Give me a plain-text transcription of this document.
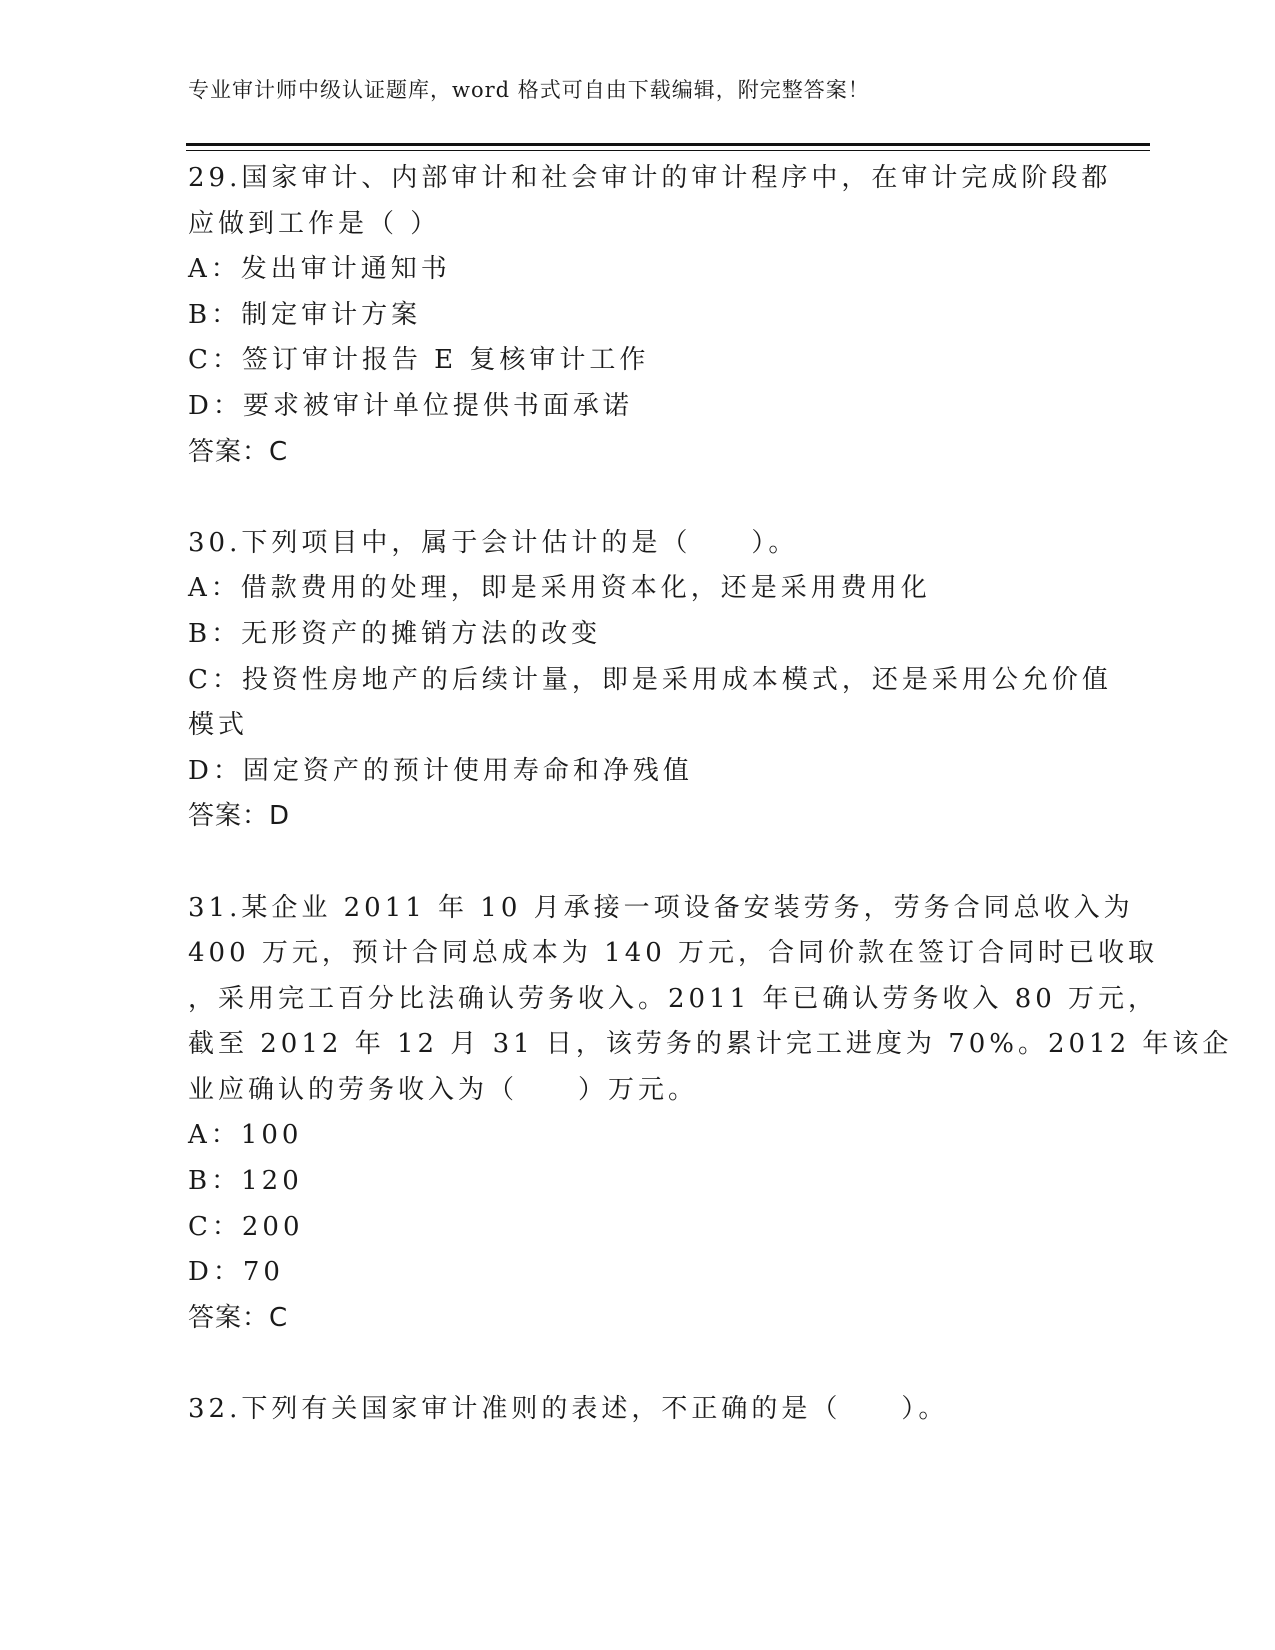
专业审计师中级认证题库，word 格式可自由下载编辑，附完整答案！
29.国家审计、内部审计和社会审计的审计程序中，在审计完成阶段都
应做到工作是（ ）
A：发出审计通知书
B：制定审计方案
C：签订审计报告 E 复核审计工作
D：要求被审计单位提供书面承诺
答案：C
30.下列项目中，属于会计估计的是（　　）。
A：借款费用的处理，即是采用资本化，还是采用费用化
B：无形资产的摊销方法的改变
C：投资性房地产的后续计量，即是采用成本模式，还是采用公允价值
模式
D：固定资产的预计使用寿命和净残值
答案：D
31.某企业 2011 年 10 月承接一项设备安装劳务，劳务合同总收入为
400 万元，预计合同总成本为 140 万元，合同价款在签订合同时已收取
，采用完工百分比法确认劳务收入。2011 年已确认劳务收入 80 万元，
截至 2012 年 12 月 31 日，该劳务的累计完工进度为 70%。2012 年该企
业应确认的劳务收入为（　　）万元。
A：100
B：120
C：200
D：70
答案：C
32.下列有关国家审计准则的表述，不正确的是（　　）。
